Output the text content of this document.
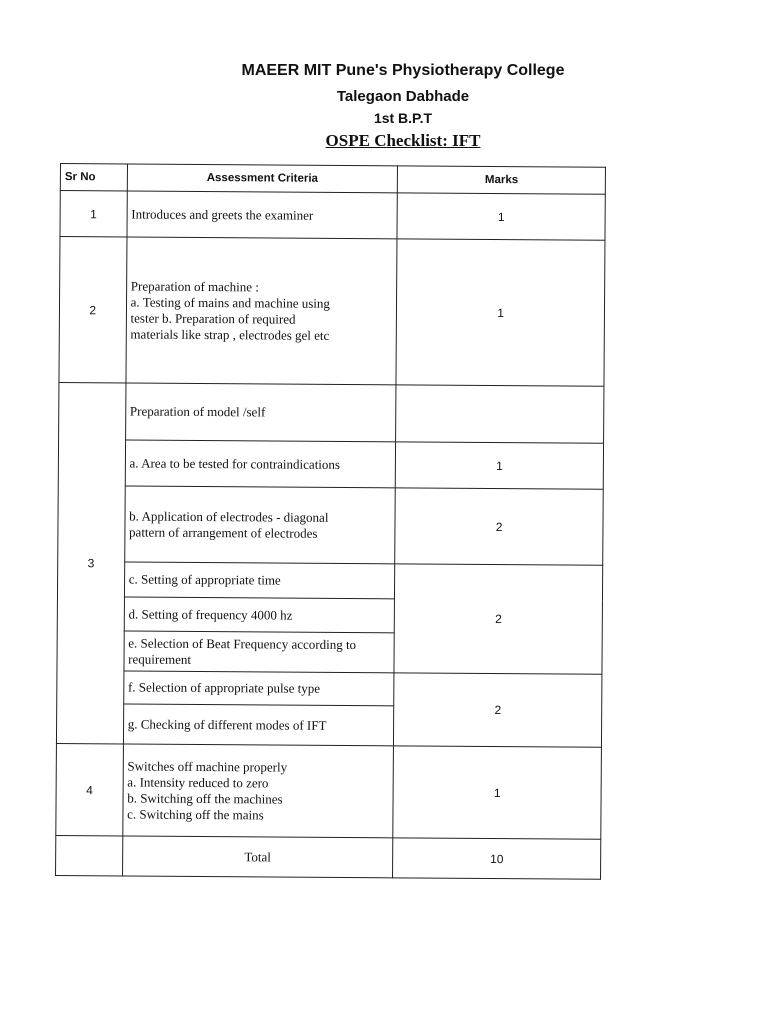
MAEER MIT Pune's Physiotherapy College
Talegaon Dabhade
1st B.P.T
OSPE Checklist: IFT
Sr No	Assessment Criteria	Marks
1	Introduces and greets the examiner	1
2	Preparation of machine :
a. Testing of mains and machine using
tester b. Preparation of required
materials like strap , electrodes gel etc	1
3	Preparation of model /self	
	a. Area to be tested for contraindications	1

	b. Application of electrodes - diagonal
pattern of arrangement of electrodes	2
	c. Setting of appropriate time	2
	d. Setting of frequency 4000 hz	

	e. Selection of Beat Frequency according to
requirement	

	f. Selection of appropriate pulse type	2
	g. Checking of different modes of IFT	
4	Switches off machine properly
a. Intensity reduced to zero
b. Switching off the machines
c. Switching off the mains	1
	Total	10
